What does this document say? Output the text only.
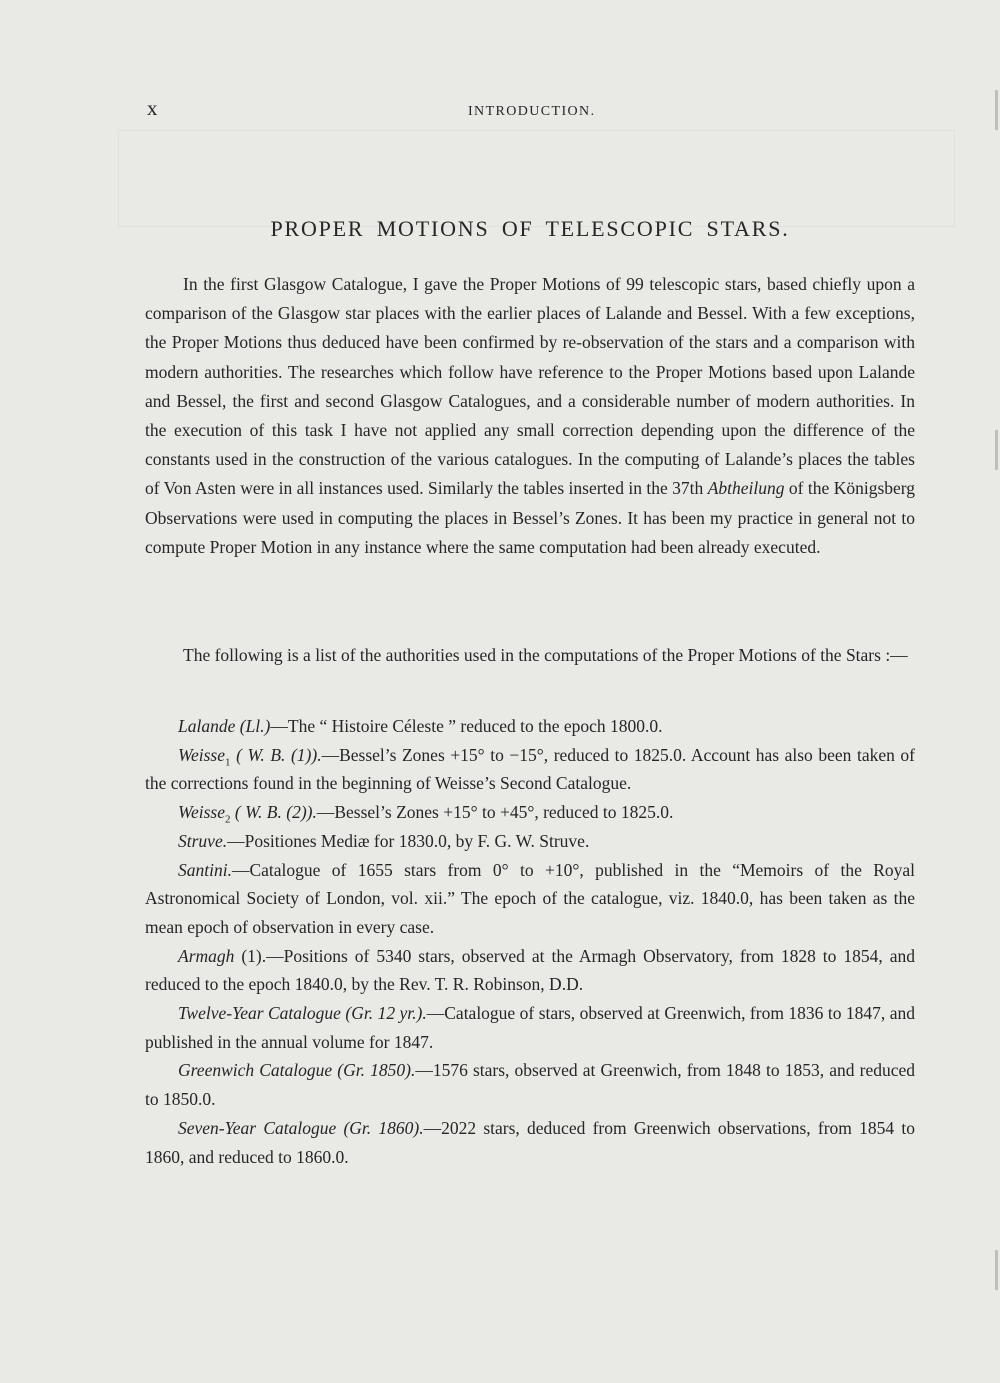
x	INTRODUCTION.
PROPER MOTIONS OF TELESCOPIC STARS.

In the first Glasgow Catalogue, I gave the Proper Motions of 99 telescopic stars, based chiefly upon a comparison of the Glasgow star places with the earlier places of Lalande and Bessel. With a few exceptions, the Proper Motions thus deduced have been confirmed by re-observation of the stars and a comparison with modern authorities. The researches which follow have reference to the Proper Motions based upon Lalande and Bessel, the first and second Glasgow Catalogues, and a considerable number of modern authorities. In the execution of this task I have not applied any small correction depending upon the difference of the constants used in the construction of the various catalogues. In the computing of Lalande’s places the tables of Von Asten were in all instances used. Similarly the tables inserted in the 37th Abtheilung of the Königsberg Observations were used in computing the places in Bessel’s Zones. It has been my practice in general not to compute Proper Motion in any instance where the same computation had been already executed.

The following is a list of the authorities used in the computations of the Proper Motions of the Stars :—

Lalande (Ll.)—The “ Histoire Céleste ” reduced to the epoch 1800.0.

Weisse$_1$ ( W. B. (1)).—Bessel’s Zones +15° to −15°, reduced to 1825.0. Account has also been taken of the corrections found in the beginning of Weisse’s Second Catalogue.

Weisse$_2$ ( W. B. (2)).—Bessel’s Zones +15° to +45°, reduced to 1825.0.

Struve.—Positiones Mediæ for 1830.0, by F. G. W. Struve.

Santini.—Catalogue of 1655 stars from 0° to +10°, published in the “Memoirs of the Royal Astronomical Society of London, vol. xii.” The epoch of the catalogue, viz. 1840.0, has been taken as the mean epoch of observation in every case.

Armagh (1).—Positions of 5340 stars, observed at the Armagh Observatory, from 1828 to 1854, and reduced to the epoch 1840.0, by the Rev. T. R. Robinson, D.D.

Twelve-Year Catalogue (Gr. 12 yr.).—Catalogue of stars, observed at Greenwich, from 1836 to 1847, and published in the annual volume for 1847.

Greenwich Catalogue (Gr. 1850).—1576 stars, observed at Greenwich, from 1848 to 1853, and reduced to 1850.0.

Seven-Year Catalogue (Gr. 1860).—2022 stars, deduced from Greenwich observations, from 1854 to 1860, and reduced to 1860.0.
